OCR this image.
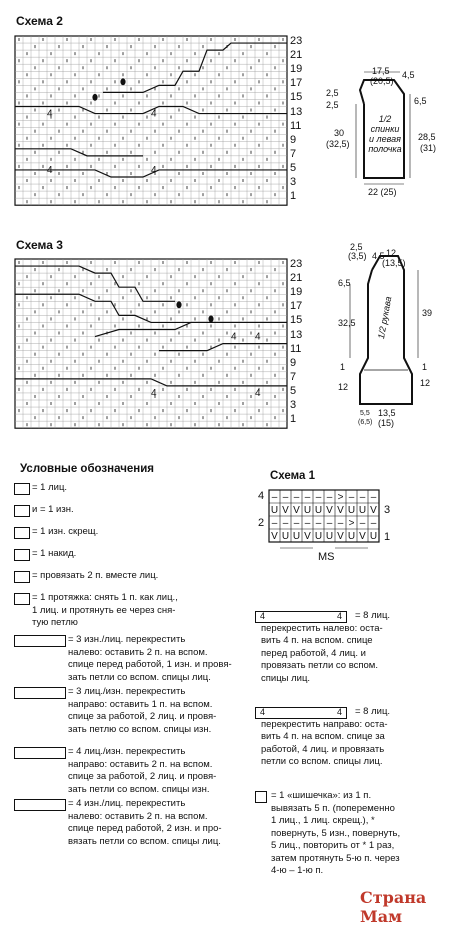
Схема 2
4	4
4	4
23
21
19
17
15
13
11
9
7
5
3
1
Схема 3
4 4
4	4
23
21
19
17
15
13
11
9
7
5
3
1
17,5
(20,5)
4,5
2,5
2,5	6,5
30
(32,5)
28,5
(31)
1/2
спинки
и левая
полочка
22 (25)
2,5
(3,5) 4,5 12
(13,5)
6,5
32,5
39
1/2 рукава
1	1
12	12
13,5
(15)
5,5
(6,5)
Условные обозначения
= 1 лиц.
и = 1 изн.
= 1 изн. скрещ.
= 1 накид.
= провязать 2 п. вместе лиц.
= 1 протяжка: снять 1 п. как лиц.,
1 лиц. и протянуть ее через сня-
тую петлю
= 3 изн./лиц. перекрестить
налево: оставить 2 п. на вспом.
спице перед работой, 1 изн. и провя-
зать петли со вспом. спицы лиц.
= 3 лиц./изн. перекрестить
направо: оставить 1 п. на вспом.
спице за работой, 2 лиц. и провя-
зать петлю со вспом. спицы изн.
= 4 лиц./изн. перекрестить
направо: оставить 2 п. на вспом.
спице за работой, 2 лиц. и провя-
зать петли со вспом. спицы изн.
= 4 изн./лиц. перекрестить
налево: оставить 2 п. на вспом.
спице перед работой, 2 изн. и про-
вязать петли со вспом. спицы лиц.
Схема 1
4
2
3
1
– – – – – – > – – –
U V V U U V V U U V
– – – – – – – > – –
V U U V U U V U V U
MS
4	4	= 8 лиц.
перекрестить налево: оста-
вить 4 п. на вспом. спице
перед работой, 4 лиц. и
провязать петли со вспом.
спицы лиц.
4	4	= 8 лиц.
перекрестить направо: оста-
вить 4 п. на вспом. спице за
работой, 4 лиц. и провязать
петли со вспом. спицы лиц.
= 1 «шишечка»: из 1 п.
вывязать 5 п. (попеременно
1 лиц., 1 лиц. скрещ.), *
повернуть, 5 изн., повернуть,
5 лиц., повторить от * 1 раз,
затем протянуть 5-ю п. через
4-ю – 1-ю п.
Страна Мам
